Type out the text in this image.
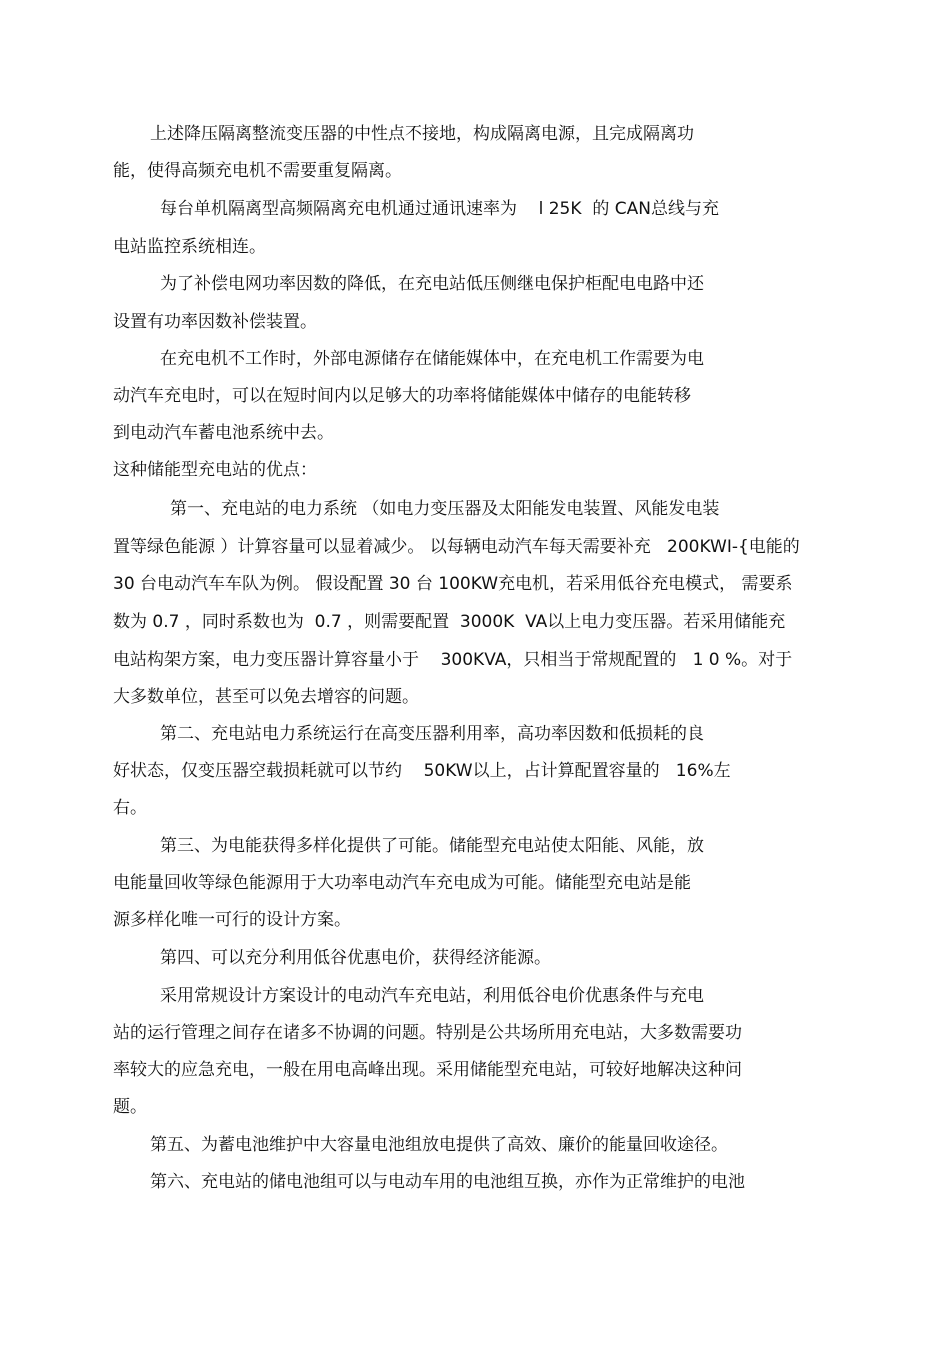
上述降压隔离整流变压器的中性点不接地，构成隔离电源，且完成隔离功
能，使得高频充电机不需要重复隔离。
每台单机隔离型高频隔离充电机通过通讯速率为    l 25K  的 CAN总线与充
电站监控系统相连。
为了补偿电网功率因数的降低，在充电站低压侧继电保护柜配电电路中还
设置有功率因数补偿装置。
在充电机不工作时，外部电源储存在储能媒体中，在充电机工作需要为电
动汽车充电时，可以在短时间内以足够大的功率将储能媒体中储存的电能转移
到电动汽车蓄电池系统中去。
这种储能型充电站的优点：
第一、充电站的电力系统 （如电力变压器及太阳能发电装置、风能发电装
置等绿色能源 ）计算容量可以显着减少。 以每辆电动汽车每天需要补充   200KWI-{电能的
30 台电动汽车车队为例。 假设配置 30 台 100KW充电机，若采用低谷充电模式， 需要系
数为 0.7 ，同时系数也为  0.7 ，则需要配置  3000K  VA以上电力变压器。若采用储能充
电站构架方案，电力变压器计算容量小于    300KVA，只相当于常规配置的   1 0 %。对于
大多数单位，甚至可以免去增容的问题。
第二、充电站电力系统运行在高变压器利用率，高功率因数和低损耗的良
好状态，仅变压器空载损耗就可以节约    50KW以上，占计算配置容量的   16%左
右。
第三、为电能获得多样化提供了可能。储能型充电站使太阳能、风能，放
电能量回收等绿色能源用于大功率电动汽车充电成为可能。储能型充电站是能
源多样化唯一可行的设计方案。
第四、可以充分利用低谷优惠电价，获得经济能源。
采用常规设计方案设计的电动汽车充电站，利用低谷电价优惠条件与充电
站的运行管理之间存在诸多不协调的问题。特别是公共场所用充电站，大多数需要功
率较大的应急充电，一般在用电高峰出现。采用储能型充电站，可较好地解决这种问
题。
第五、为蓄电池维护中大容量电池组放电提供了高效、廉价的能量回收途径。
第六、充电站的储电池组可以与电动车用的电池组互换，亦作为正常维护的电池
